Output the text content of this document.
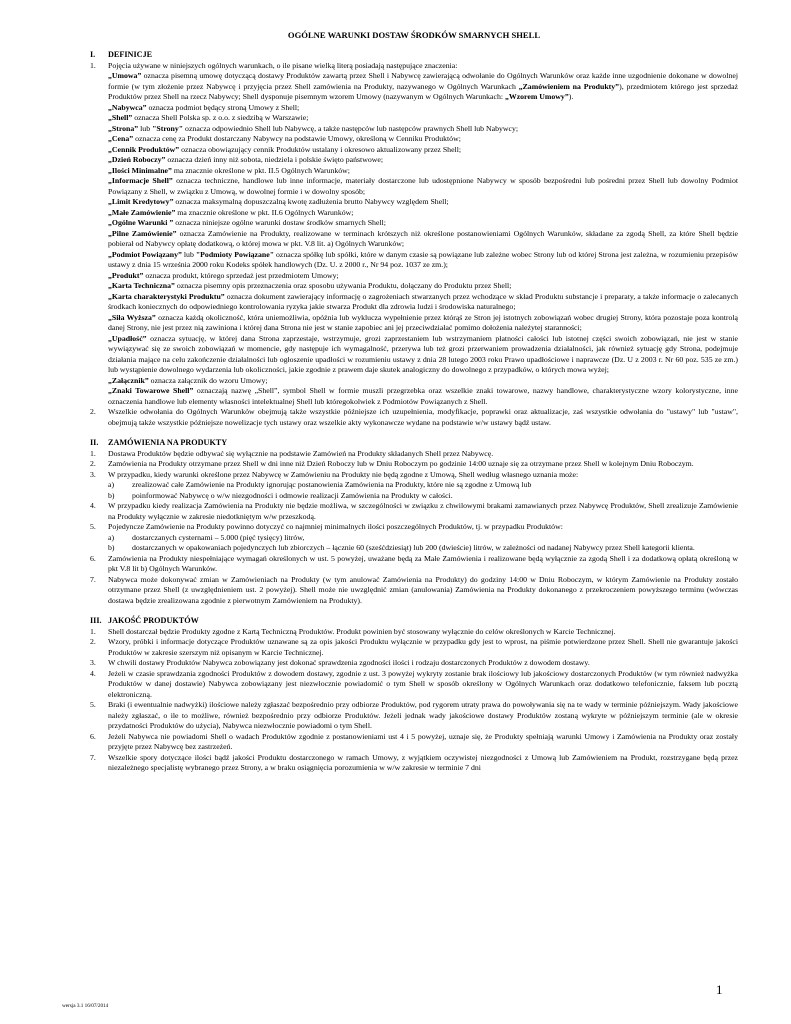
OGÓLNE WARUNKI DOSTAW ŚRODKÓW SMARNYCH SHELL
I.	DEFINICJE
1.	Pojęcia używane w niniejszych ogólnych warunkach, o ile pisane wielką literą posiadają następujące znaczenia:
„Umowa” oznacza pisemną umowę dotyczącą dostawy Produktów zawartą przez Shell i Nabywcę zawierającą odwołanie do Ogólnych Warunków oraz każde inne uzgodnienie dokonane w dowolnej formie (w tym złożenie przez Nabywcę i przyjęcia przez Shell zamówienia na Produkty, nazywanego w Ogólnych Warunkach „Zamówieniem na Produkty”), przedmiotem którego jest sprzedaż Produktów przez Shell na rzecz Nabywcy; Shell dysponuje pisemnym wzorem Umowy (nazywanym w Ogólnych Warunkach: „Wzorem Umowy”).
„Nabywca” oznacza podmiot będący stroną Umowy z Shell;
„Shell” oznacza Shell Polska sp. z o.o. z siedzibą w Warszawie;
„Strona” lub "Strony" oznacza odpowiednio Shell lub Nabywcę, a także następców lub następców prawnych Shell lub Nabywcy;
„Cena” oznacza cenę za Produkt dostarczany Nabywcy na podstawie Umowy, określoną w Cenniku Produktów;
„Cennik Produktów” oznacza obowiązujący cennik Produktów ustalany i okresowo aktualizowany przez Shell;
„Dzień Roboczy” oznacza dzień inny niż sobota, niedziela i polskie święto państwowe;
„Ilości Minimalne” ma znacznie określone w pkt. II.5 Ogólnych Warunków;
„Informacje Shell” oznacza techniczne, handlowe lub inne informacje, materiały dostarczone lub udostępnione Nabywcy w sposób bezpośredni lub pośredni przez Shell lub dowolny Podmiot Powiązany z Shell, w związku z Umową, w dowolnej formie i w dowolny sposób;
„Limit Kredytowy” oznacza maksymalną dopuszczalną kwotę zadłużenia brutto Nabywcy względem Shell;
„Małe Zamówienie” ma znacznie określone w pkt. II.6 Ogólnych Warunków;
„Ogólne Warunki ” oznacza niniejsze ogólne warunki dostaw środków smarnych Shell;
„Pilne Zamówienie” oznacza Zamówienie na Produkty, realizowane w terminach krótszych niż określone postanowieniami Ogólnych Warunków, składane za zgodą Shell, za które Shell będzie pobierał od Nabywcy opłatę dodatkową, o której mowa w pkt. V.8 lit. a) Ogólnych Warunków;
„Podmiot Powiązany” lub "Podmioty Powiązane" oznacza spółkę lub spółki, które w danym czasie są powiązane lub zależne wobec Strony lub od której Strona jest zależna, w rozumieniu przepisów ustawy z dnia 15 września 2000 roku Kodeks spółek handlowych (Dz. U. z 2000 r., Nr 94 poz. 1037 ze zm.);
„Produkt” oznacza produkt, którego sprzedaż jest przedmiotem Umowy;
„Karta Techniczna” oznacza pisemny opis przeznaczenia oraz sposobu używania Produktu, dołączany do Produktu przez Shell;
„Karta charakterystyki Produktu” oznacza dokument zawierający informację o zagrożeniach stwarzanych przez wchodzące w skład Produktu substancje i preparaty, a także informacje o zalecanych środkach koniecznych do odpowiedniego kontrolowania ryzyka jakie stwarza Produkt dla zdrowia ludzi i środowiska naturalnego;
„Siła Wyższa” oznacza każdą okoliczność, która uniemożliwia, opóźnia lub wyklucza wypełnienie przez którąś ze Stron jej istotnych zobowiązań wobec drugiej Strony, która pozostaje poza kontrolą danej Strony, nie jest przez nią zawiniona i której dana Strona nie jest w stanie zapobiec ani jej przeciwdziałać pomimo dołożenia należytej staranności;
„Upadłość” oznacza sytuację, w której dana Strona zaprzestaje, wstrzymuje, grozi zaprzestaniem lub wstrzymaniem płatności całości lub istotnej części swoich zobowiązań, nie jest w stanie wywiązywać się ze swoich zobowiązań w momencie, gdy następuje ich wymagalność, przerywa lub też grozi przerwaniem prowadzenia działalności, jak również sytuację gdy Strona, podejmuje działania mające na celu zakończenie działalności lub ogłoszenie upadłości w rozumieniu ustawy z dnia 28 lutego 2003 roku Prawo upadłościowe i naprawcze (Dz. U z 2003 r. Nr 60 poz. 535 ze zm.) lub wystąpienie dowolnego wydarzenia lub okoliczności, jakie zgodnie z prawem daje skutek analogiczny do dowolnego z przypadków, o których mowa wyżej;
„Załącznik” oznacza załącznik do wzoru Umowy;
„Znaki Towarowe Shell” oznaczają nazwę „Shell”, symbol Shell w formie muszli przegrzebka oraz wszelkie znaki towarowe, nazwy handlowe, charakterystyczne wzory kolorystyczne, inne oznaczenia handlowe lub elementy własności intelektualnej Shell lub któregokolwiek z Podmiotów Powiązanych z Shell.
2.	Wszelkie odwołania do Ogólnych Warunków obejmują także wszystkie późniejsze ich uzupełnienia, modyfikacje, poprawki oraz aktualizacje, zaś wszystkie odwołania do "ustawy" lub "ustaw", obejmują także wszystkie późniejsze nowelizacje tych ustawy oraz wszelkie akty wykonawcze wydane na podstawie w/w ustawy bądź ustaw.
II.	ZAMÓWIENIA NA PRODUKTY
1.	Dostawa Produktów będzie odbywać się wyłącznie na podstawie Zamówień na Produkty składanych Shell przez Nabywcę.
2.	Zamówienia na Produkty otrzymane przez Shell w dni inne niż Dzień Roboczy lub w Dniu Roboczym po godzinie 14:00 uznaje się za otrzymane przez Shell w kolejnym Dniu Roboczym.
3.	W przypadku, kiedy warunki określone przez Nabywcę w Zamówieniu na Produkty nie będą zgodne z Umową, Shell według własnego uznania może:
a)	zrealizować całe Zamówienie na Produkty ignorując postanowienia Zamówienia na Produkty, które nie są zgodne z Umową lub
b)	poinformować Nabywcę o w/w niezgodności i odmowie realizacji Zamówienia na Produkty w całości.
4.	W przypadku kiedy realizacja Zamówienia na Produkty nie będzie możliwa, w szczególności w związku z chwilowymi brakami zamawianych przez Nabywcę Produktów, Shell zrealizuje Zamówienie na Produkty wyłącznie w zakresie niedotkniętym w/w przeszkodą.
5.	Pojedyncze Zamówienie na Produkty powinno dotyczyć co najmniej minimalnych ilości poszczególnych Produktów, tj. w przypadku Produktów:
a)	dostarczanych cysternami – 5.000 (pięć tysięcy) litrów,
b)	dostarczanych w opakowaniach pojedynczych lub zbiorczych – łącznie 60 (sześćdziesiąt) lub 200 (dwieście) litrów, w zależności od nadanej Nabywcy przez Shell kategorii klienta.
6.	Zamówienia na Produkty niespełniające wymagań określonych w ust. 5 powyżej, uważane będą za Małe Zamówienia i realizowane będą wyłącznie za zgodą Shell i za dodatkową opłatą określoną w pkt V.8 lit b) Ogólnych Warunków.
7.	Nabywca może dokonywać zmian w Zamówieniach na Produkty (w tym anulować Zamówienia na Produkty) do godziny 14:00 w Dniu Roboczym, w którym Zamówienie na Produkty zostało otrzymane przez Shell (z uwzględnieniem ust. 2 powyżej). Shell może nie uwzględnić zmian (anulowania) Zamówienia na Produkty dokonanego z przekroczeniem powyższego terminu (wówczas dostawa będzie zrealizowana zgodnie z pierwotnym Zamówieniem na Produkty).
III. JAKOŚĆ PRODUKTÓW
1.	Shell dostarczał będzie Produkty zgodne z Kartą Techniczną Produktów. Produkt powinien być stosowany wyłącznie do celów określonych w Karcie Technicznej.
2.	Wzory, próbki i informacje dotyczące Produktów uznawane są za opis jakości Produktu wyłącznie w przypadku gdy jest to wprost, na piśmie potwierdzone przez Shell. Shell nie gwarantuje jakości Produktów w zakresie szerszym niż opisanym w Karcie Technicznej.
3.	W chwili dostawy Produktów Nabywca zobowiązany jest dokonać sprawdzenia zgodności ilości i rodzaju dostarczonych Produktów z dowodem dostawy.
4.	Jeżeli w czasie sprawdzania zgodności Produktów z dowodem dostawy, zgodnie z ust. 3 powyżej wykryty zostanie brak ilościowy lub jakościowy dostarczonych Produktów (w tym również nadwyżka Produktów w danej dostawie) Nabywca zobowiązany jest niezwłocznie powiadomić o tym Shell w sposób określony w Ogólnych Warunkach oraz dodatkowo telefonicznie, faksem lub pocztą elektroniczną.
5.	Braki (i ewentualnie nadwyżki) ilościowe należy zgłaszać bezpośrednio przy odbiorze Produktów, pod rygorem utraty prawa do powoływania się na te wady w terminie późniejszym. Wady jakościowe należy zgłaszać, o ile to możliwe, również bezpośrednio przy odbiorze Produktów. Jeżeli jednak wady jakościowe dostawy Produktów zostaną wykryte w późniejszym terminie (ale w okresie przydatności Produktów do użycia), Nabywca niezwłocznie powiadomi o tym Shell.
6.	Jeżeli Nabywca nie powiadomi Shell o wadach Produktów zgodnie z postanowieniami ust 4 i 5 powyżej, uznaje się, że Produkty spełniają warunki Umowy i Zamówienia na Produkty oraz zostały przyjęte przez Nabywcę bez zastrzeżeń.
7.	Wszelkie spory dotyczące ilości bądź jakości Produktu dostarczonego w ramach Umowy, z wyjątkiem oczywistej niezgodności z Umową lub Zamówieniem na Produkt, rozstrzygane będą przez niezależnego specjalistę wybranego przez Strony, a w braku osiągnięcia porozumienia w w/w zakresie w terminie 7 dni
wersja 3.1 16/07/2014
1
